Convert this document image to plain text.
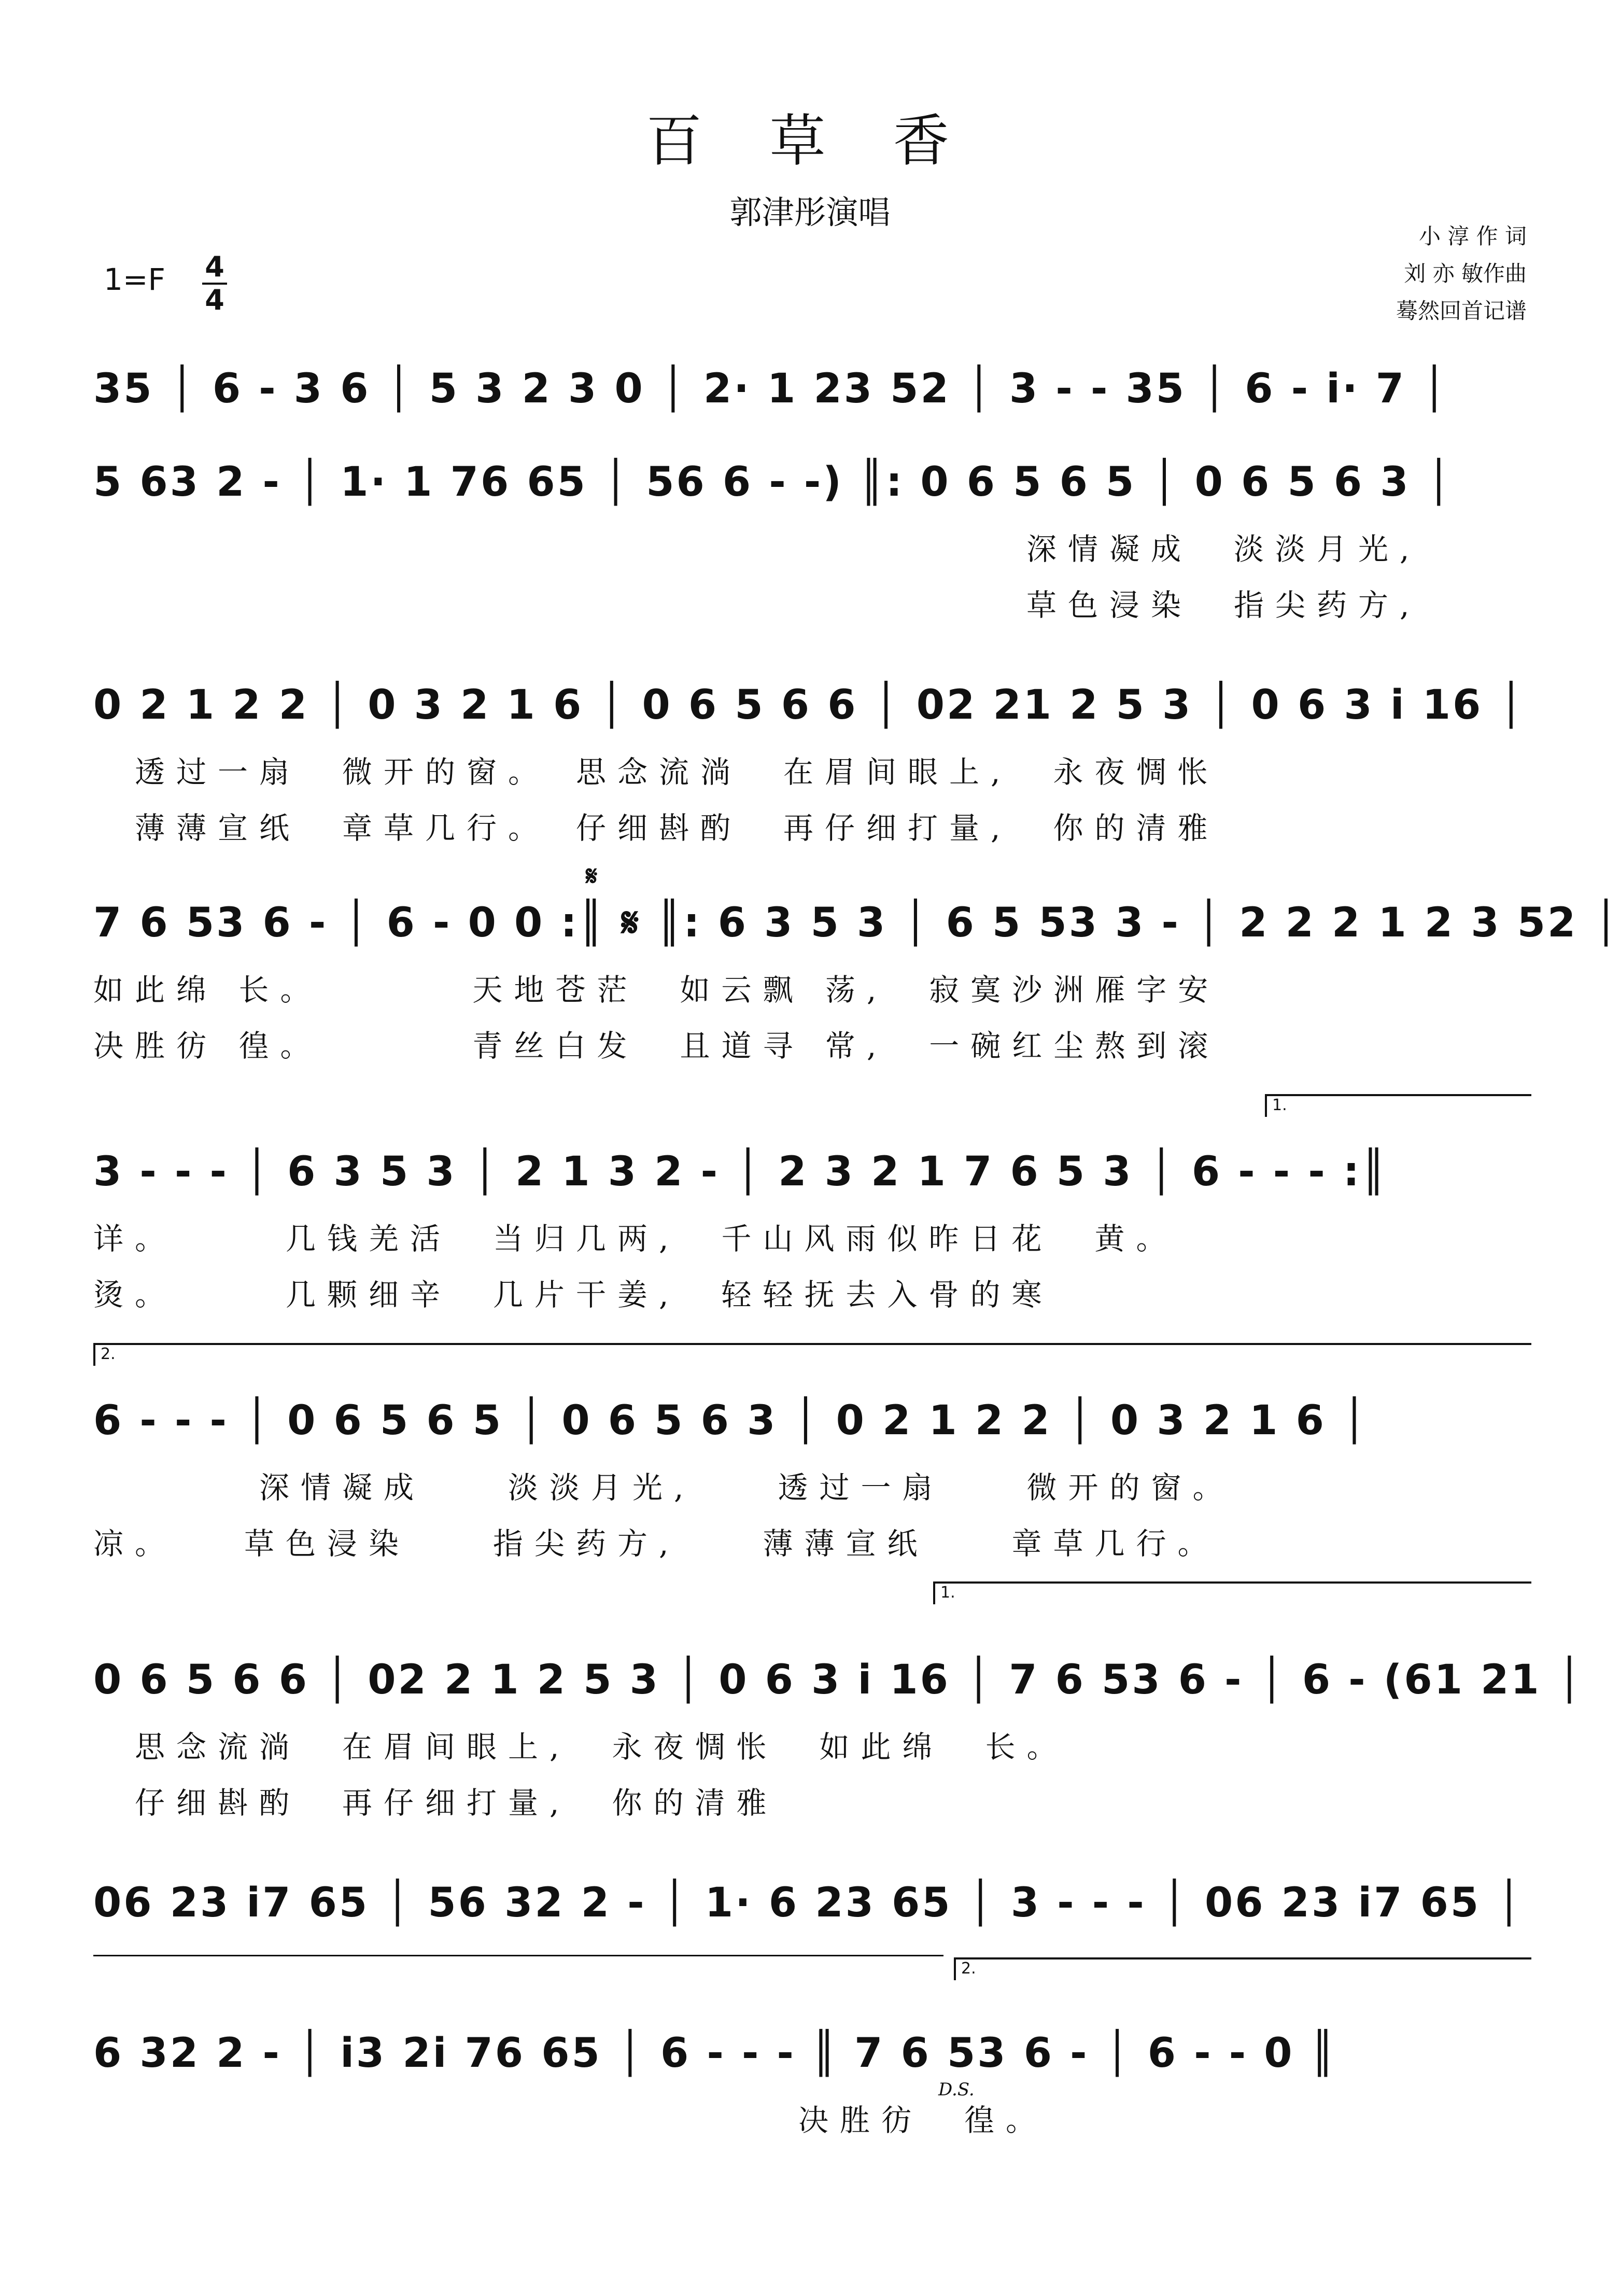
百 草 香
郭津彤演唱
小 淳 作 词
刘 亦 敏作曲
蓦然回首记谱
1=F 4
4
35 │ 6 - 3 6 │ 5 3 2 3 0 │ 2· 1 23 52 │ 3 - - 35 │ 6 - i· 7 │
5 63 2 - │ 1· 1 76 65 │ 56 6 - -) ║: 0 6 5 6 5 │ 0 6 5 6 3 │
深情凝成　淡淡月光,
草色浸染　指尖药方,
0 2 1 2 2 │ 0 3 2 1 6 │ 0 6 5 6 6 │ 02 21 2 5 3 │ 0 6 3 i 16 │
透过一扇　微开的窗。　思念流淌　在眉间眼上,　永夜惆怅
薄薄宣纸　章草几行。　仔细斟酌　再仔细打量,　你的清雅
𝄋
7 6 53 6 - │ 6 - 0 0 :║ 𝄋 ║: 6 3 5 3 │ 6 5 53 3 - │ 2 2 2 1 2 3 52 │
如此绵 长。　　　　天地苍茫　如云飘 荡,　寂寞沙洲雁字安
决胜彷 徨。　　　　青丝白发　且道寻 常,　一碗红尘熬到滚
1.
3 - - - │ 6 3 5 3 │ 2 1 3 2 - │ 2 3 2 1 7 6 5 3 │ 6 - - - :║
详。　　　几钱羌活　当归几两,　千山风雨似昨日花　黄。
烫。　　　几颗细辛　几片干姜,　轻轻抚去入骨的寒
2.
6 - - - │ 0 6 5 6 5 │ 0 6 5 6 3 │ 0 2 1 2 2 │ 0 3 2 1 6 │
　　　　深情凝成　　淡淡月光,　　透过一扇　　微开的窗。
凉。　　草色浸染　　指尖药方,　　薄薄宣纸　　章草几行。
1.
0 6 5 6 6 │ 02 2 1 2 5 3 │ 0 6 3 i 16 │ 7 6 53 6 - │ 6 - (61 21 │
思念流淌　在眉间眼上,　永夜惆怅　如此绵　长。
仔细斟酌　再仔细打量,　你的清雅
06 23 i7 65 │ 56 32 2 - │ 1· 6 23 65 │ 3 - - - │ 06 23 i7 65 │
2.
6 32 2 - │ i3 2i 76 65 │ 6 - - - ║ 7 6 53 6 - │ 6 - - 0 ║
　　　　　　　　　　　　　　　　　决胜彷　徨。
D.S.
